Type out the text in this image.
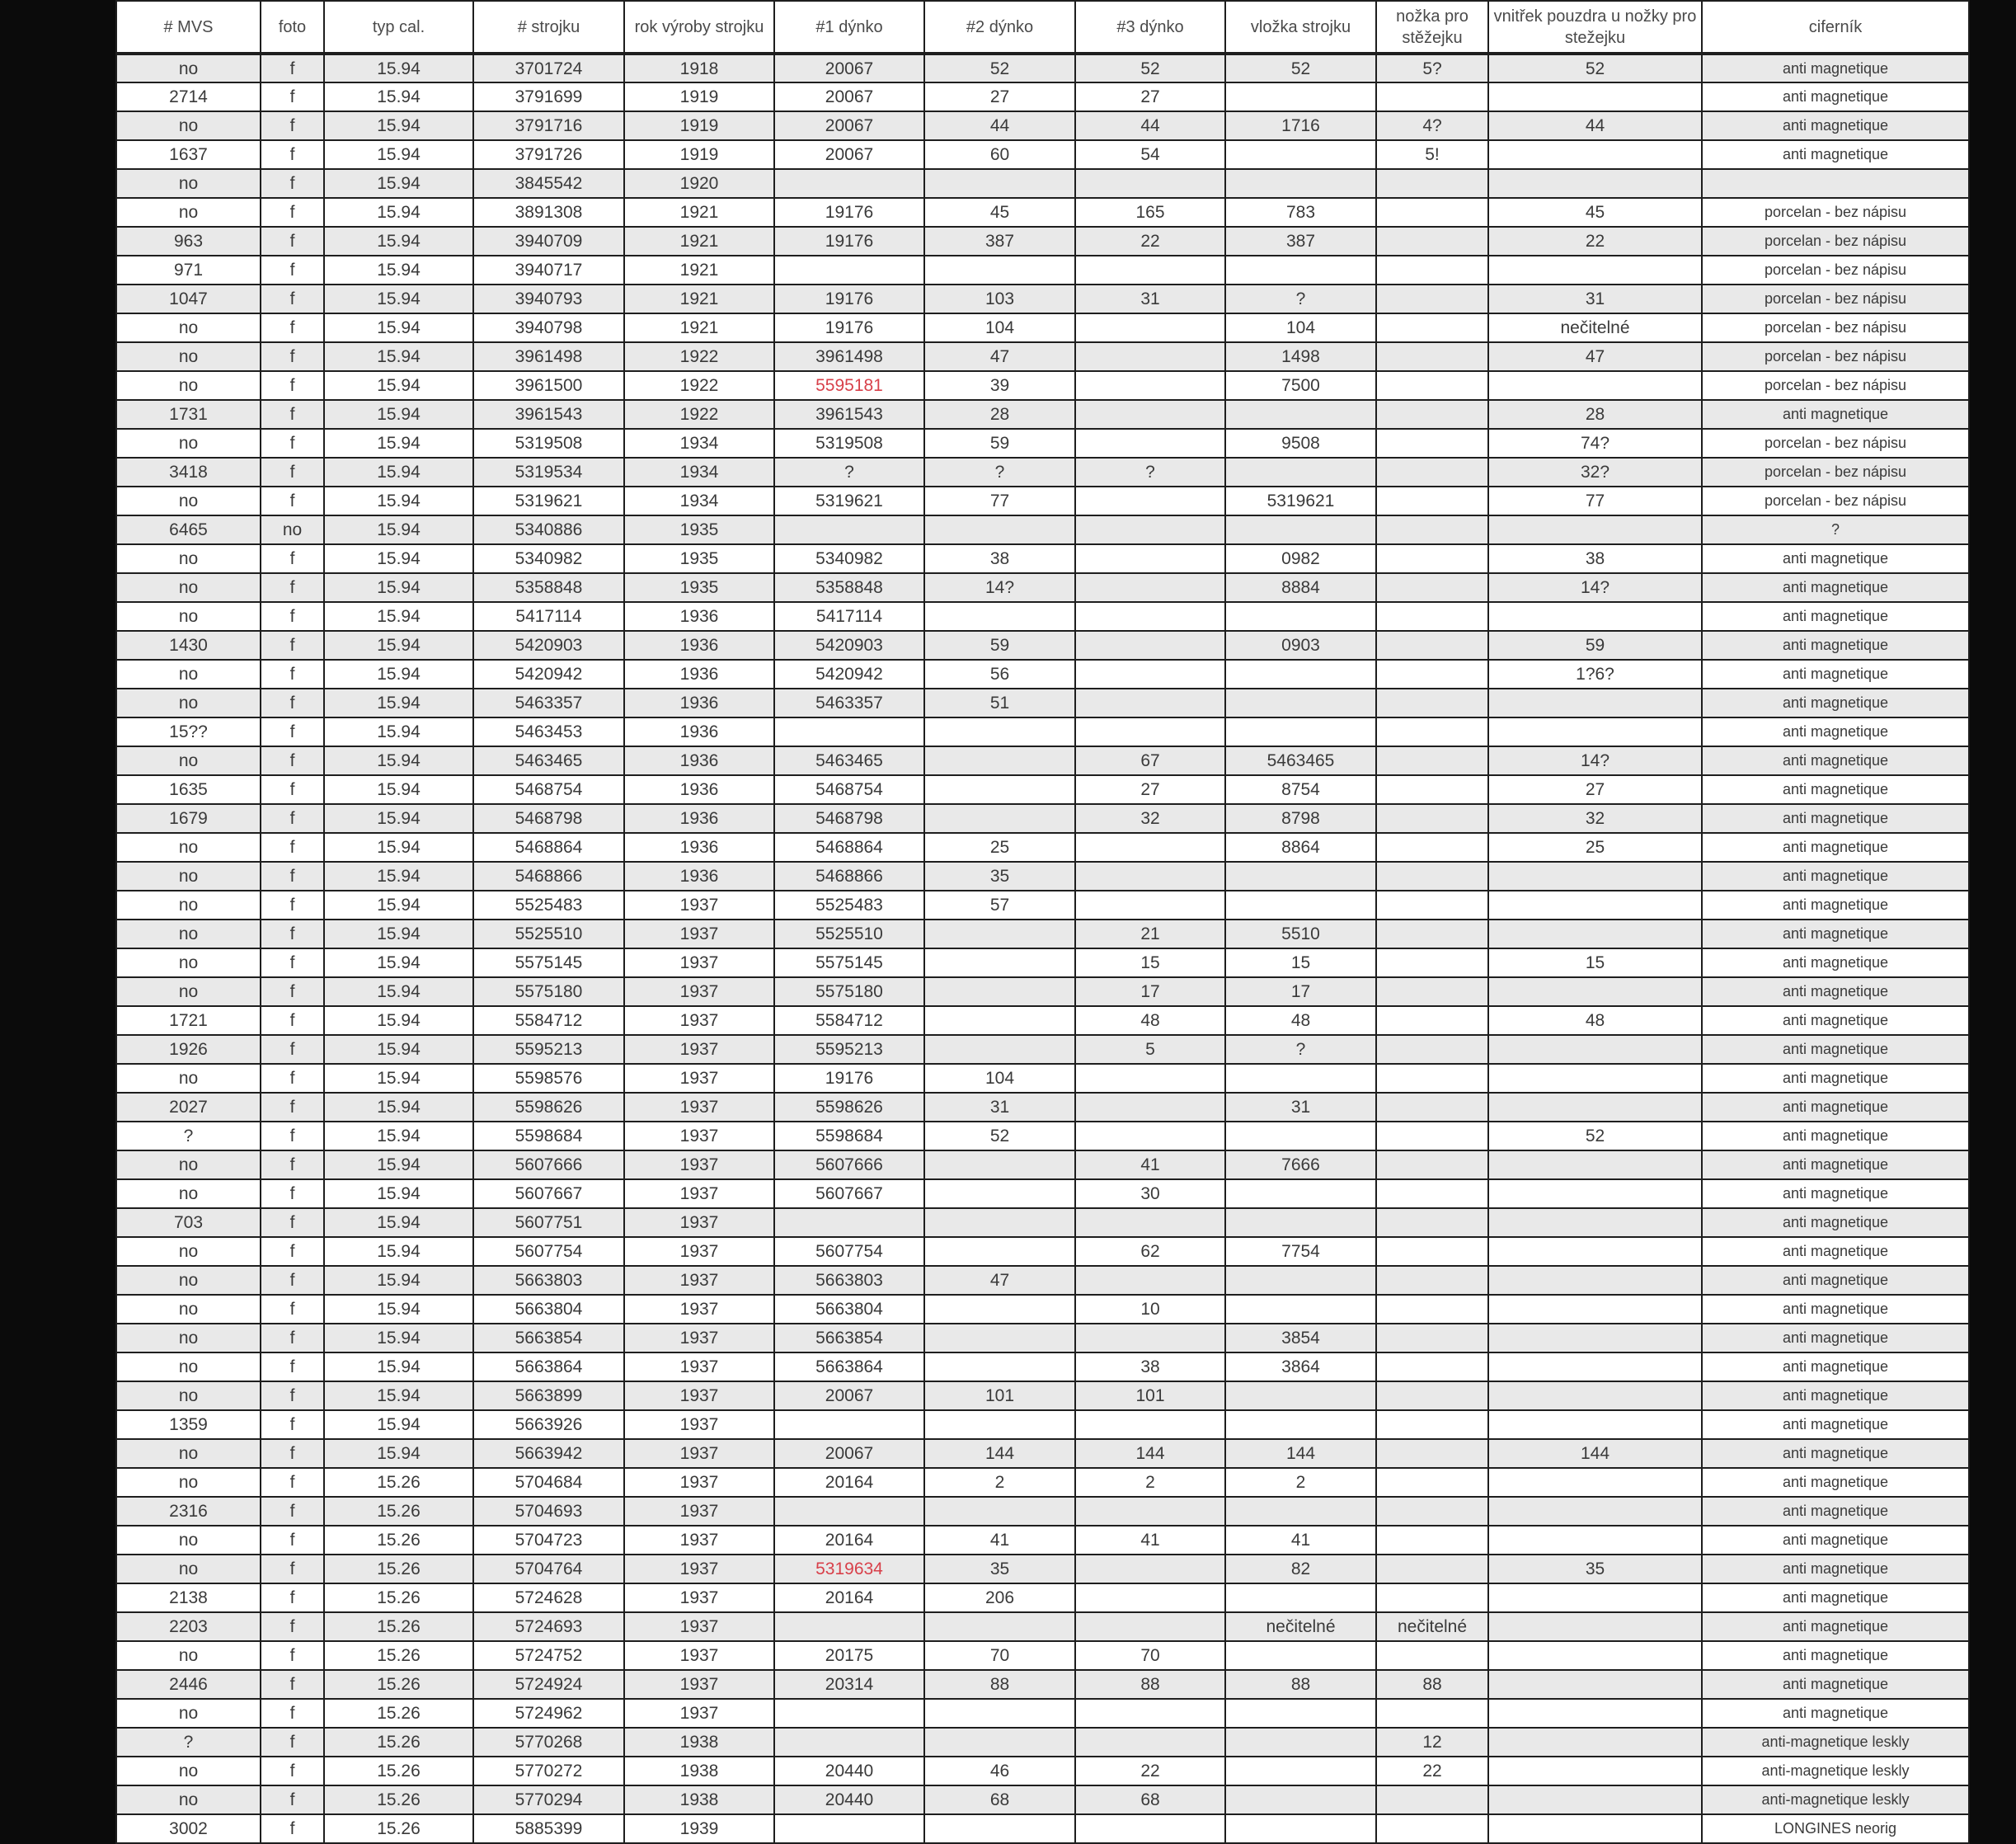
# MVS	foto	typ cal.	# strojku	rok výroby strojku	#1 dýnko	#2 dýnko	#3 dýnko	vložka strojku	nožka pro stěžejku	vnitřek pouzdra u nožky pro stežejku	ciferník
no	f	15.94	3701724	1918	20067	52	52	52	5?	52	anti magnetique
2714	f	15.94	3791699	1919	20067	27	27				anti magnetique
no	f	15.94	3791716	1919	20067	44	44	1716	4?	44	anti magnetique
1637	f	15.94	3791726	1919	20067	60	54		5!		anti magnetique
no	f	15.94	3845542	1920							
no	f	15.94	3891308	1921	19176	45	165	783		45	porcelan - bez nápisu
963	f	15.94	3940709	1921	19176	387	22	387		22	porcelan - bez nápisu
971	f	15.94	3940717	1921							porcelan - bez nápisu
1047	f	15.94	3940793	1921	19176	103	31	?		31	porcelan - bez nápisu
no	f	15.94	3940798	1921	19176	104		104		nečitelné	porcelan - bez nápisu
no	f	15.94	3961498	1922	3961498	47		1498		47	porcelan - bez nápisu
no	f	15.94	3961500	1922	5595181	39		7500			porcelan - bez nápisu
1731	f	15.94	3961543	1922	3961543	28				28	anti magnetique
no	f	15.94	5319508	1934	5319508	59		9508		74?	porcelan - bez nápisu
3418	f	15.94	5319534	1934	?	?	?			32?	porcelan - bez nápisu
no	f	15.94	5319621	1934	5319621	77		5319621		77	porcelan - bez nápisu
6465	no	15.94	5340886	1935							?
no	f	15.94	5340982	1935	5340982	38		0982		38	anti magnetique
no	f	15.94	5358848	1935	5358848	14?		8884		14?	anti magnetique
no	f	15.94	5417114	1936	5417114						anti magnetique
1430	f	15.94	5420903	1936	5420903	59		0903		59	anti magnetique
no	f	15.94	5420942	1936	5420942	56				1?6?	anti magnetique
no	f	15.94	5463357	1936	5463357	51					anti magnetique
15??	f	15.94	5463453	1936							anti magnetique
no	f	15.94	5463465	1936	5463465		67	5463465		14?	anti magnetique
1635	f	15.94	5468754	1936	5468754		27	8754		27	anti magnetique
1679	f	15.94	5468798	1936	5468798		32	8798		32	anti magnetique
no	f	15.94	5468864	1936	5468864	25		8864		25	anti magnetique
no	f	15.94	5468866	1936	5468866	35					anti magnetique
no	f	15.94	5525483	1937	5525483	57					anti magnetique
no	f	15.94	5525510	1937	5525510		21	5510			anti magnetique
no	f	15.94	5575145	1937	5575145		15	15		15	anti magnetique
no	f	15.94	5575180	1937	5575180		17	17			anti magnetique
1721	f	15.94	5584712	1937	5584712		48	48		48	anti magnetique
1926	f	15.94	5595213	1937	5595213		5	?			anti magnetique
no	f	15.94	5598576	1937	19176	104					anti magnetique
2027	f	15.94	5598626	1937	5598626	31		31			anti magnetique
?	f	15.94	5598684	1937	5598684	52				52	anti magnetique
no	f	15.94	5607666	1937	5607666		41	7666			anti magnetique
no	f	15.94	5607667	1937	5607667		30				anti magnetique
703	f	15.94	5607751	1937							anti magnetique
no	f	15.94	5607754	1937	5607754		62	7754			anti magnetique
no	f	15.94	5663803	1937	5663803	47					anti magnetique
no	f	15.94	5663804	1937	5663804		10				anti magnetique
no	f	15.94	5663854	1937	5663854			3854			anti magnetique
no	f	15.94	5663864	1937	5663864		38	3864			anti magnetique
no	f	15.94	5663899	1937	20067	101	101				anti magnetique
1359	f	15.94	5663926	1937							anti magnetique
no	f	15.94	5663942	1937	20067	144	144	144		144	anti magnetique
no	f	15.26	5704684	1937	20164	2	2	2			anti magnetique
2316	f	15.26	5704693	1937							anti magnetique
no	f	15.26	5704723	1937	20164	41	41	41			anti magnetique
no	f	15.26	5704764	1937	5319634	35		82		35	anti magnetique
2138	f	15.26	5724628	1937	20164	206					anti magnetique
2203	f	15.26	5724693	1937				nečitelné	nečitelné		anti magnetique
no	f	15.26	5724752	1937	20175	70	70				anti magnetique
2446	f	15.26	5724924	1937	20314	88	88	88	88		anti magnetique
no	f	15.26	5724962	1937							anti magnetique
?	f	15.26	5770268	1938					12		anti-magnetique leskly
no	f	15.26	5770272	1938	20440	46	22		22		anti-magnetique leskly
no	f	15.26	5770294	1938	20440	68	68				anti-magnetique leskly
3002	f	15.26	5885399	1939							LONGINES neorig
